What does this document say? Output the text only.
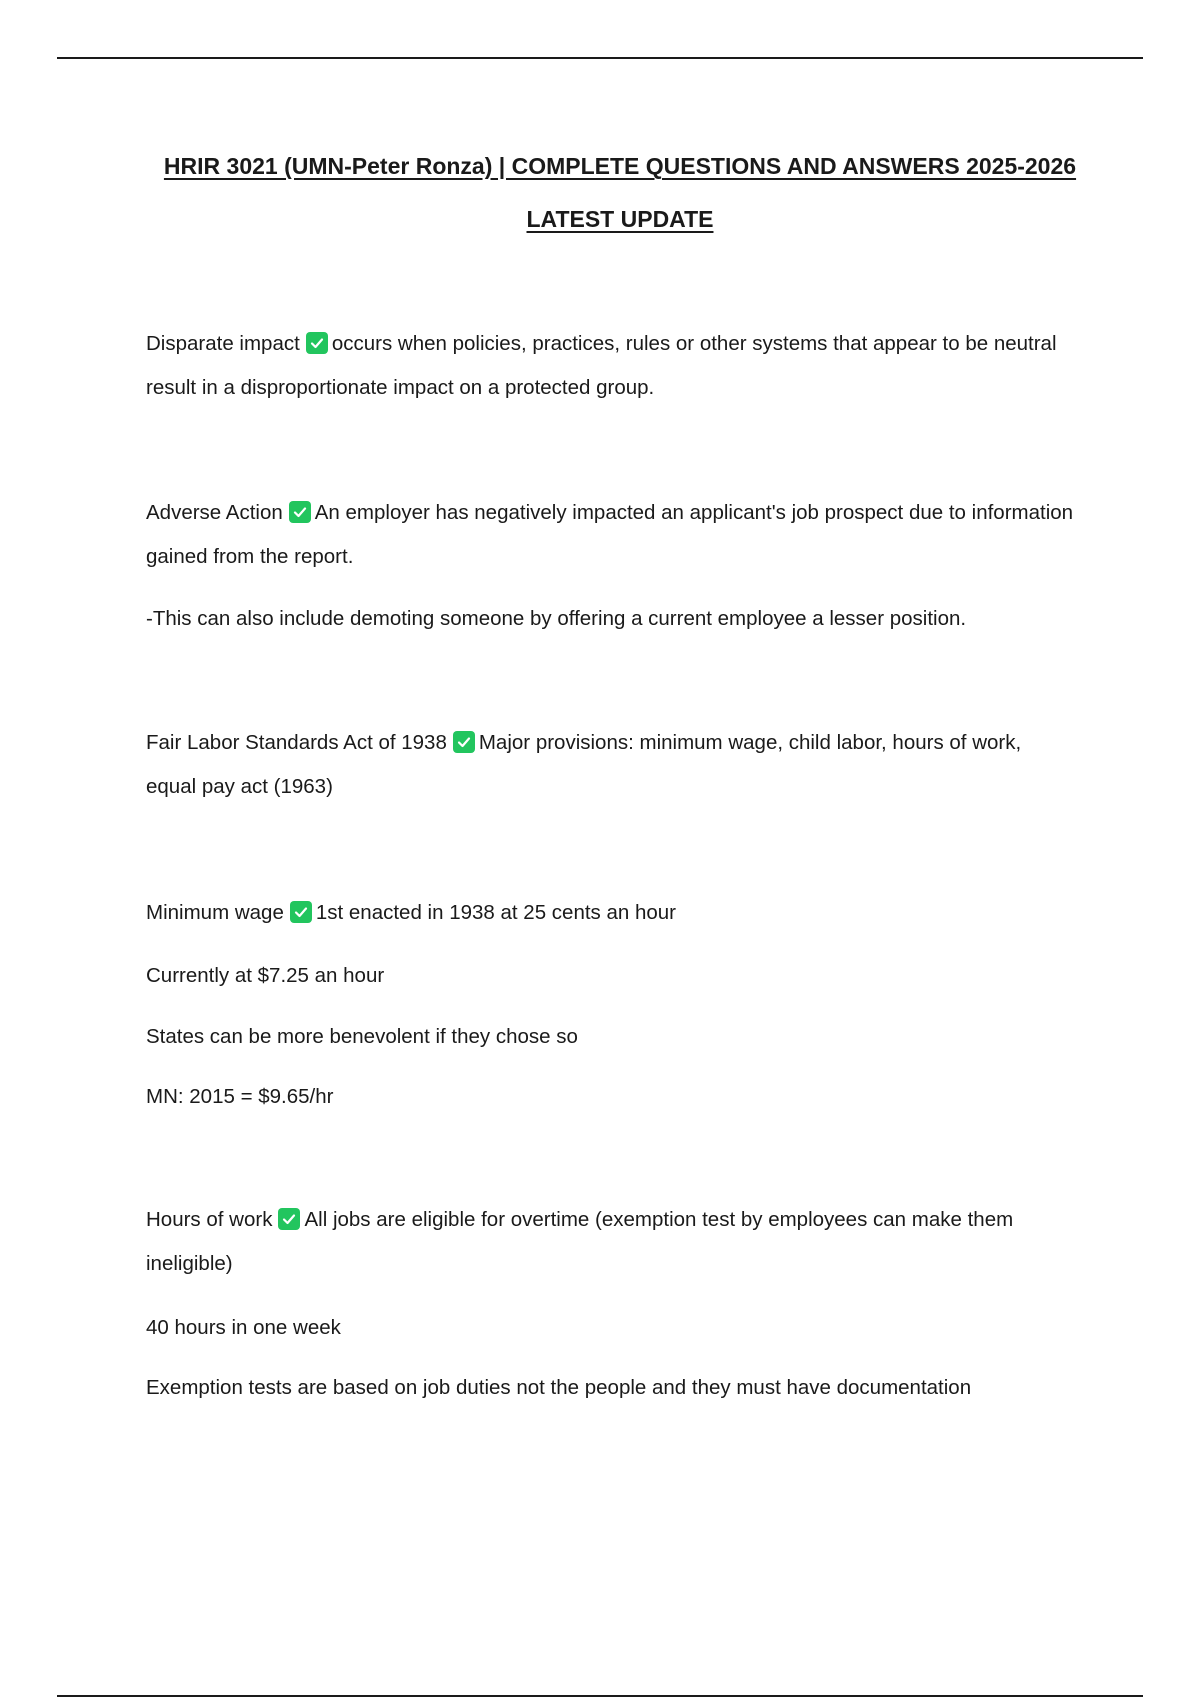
HRIR 3021 (UMN-Peter Ronza) | COMPLETE QUESTIONS AND ANSWERS 2025-2026 LATEST UPDATE

Disparate impact occurs when policies, practices, rules or other systems that appear to be neutral result in a disproportionate impact on a protected group.

Adverse Action An employer has negatively impacted an applicant's job prospect due to information gained from the report.

-This can also include demoting someone by offering a current employee a lesser position.

Fair Labor Standards Act of 1938 Major provisions: minimum wage, child labor, hours of work, equal pay act (1963)

Minimum wage 1st enacted in 1938 at 25 cents an hour

Currently at $7.25 an hour

States can be more benevolent if they chose so

MN: 2015 = $9.65/hr

Hours of work All jobs are eligible for overtime (exemption test by employees can make them ineligible)

40 hours in one week

Exemption tests are based on job duties not the people and they must have documentation
